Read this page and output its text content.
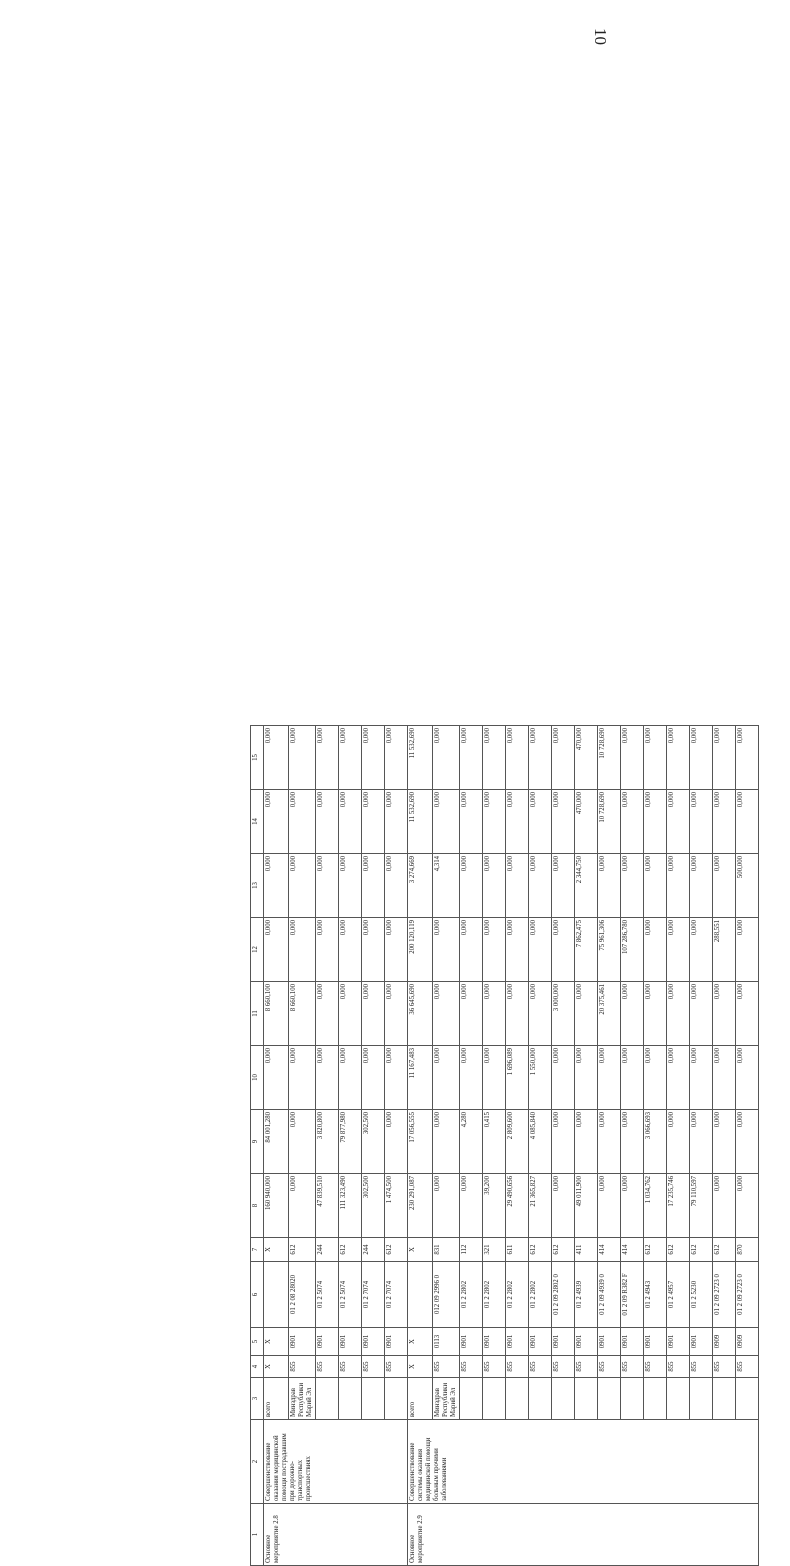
10
1	2	3	4	5	6	7	8	9	10	11	12	13	14	15
Основное мероприятие 2.8	Совершенствование оказания медицинской помощи пострадавшим при дорожно-транспортных происшествиях	всего	Х	Х		Х	160 940,000	84 001,280	0,000	8 660,100	0,000	0,000	0,000	0,000
		Минздрав Республики Марий Эл	855	0901	01 2 08 28020	612	0,000	0,000	0,000	8 660,100	0,000	0,000	0,000	0,000
			855	0901	01 2 5074	244	47 839,510	3 820,800	0,000	0,000	0,000	0,000	0,000	0,000
			855	0901	01 2 5074	612	111 323,490	79 877,980	0,000	0,000	0,000	0,000	0,000	0,000
			855	0901	01 2 7074	244	302,500	302,500	0,000	0,000	0,000	0,000	0,000	0,000
			855	0901	01 2 7074	612	1 474,500	0,000	0,000	0,000	0,000	0,000	0,000	0,000
Основное мероприятие 2.9	Совершенствование системы оказания медицинской помощи больным прочими заболеваниями	всего	Х	Х		Х	230 291,087	17 056,555	11 167,483	36 645,690	200 120,119	3 274,669	11 532,690	11 532,690
		Минздрав Республики Марий Эл	855	0113	012 09 2996 0	831	0,000	0,000	0,000	0,000	0,000	4,314	0,000	0,000
			855	0901	01 2 2802	112	0,000	4,280	0,000	0,000	0,000	0,000	0,000	0,000
			855	0901	01 2 2802	321	39,200	0,415	0,000	0,000	0,000	0,000	0,000	0,000
			855	0901	01 2 2802	611	29 490,656	2 809,600	1 696,089	0,000	0,000	0,000	0,000	0,000
			855	0901	01 2 2802	612	21 365,827	4 085,840	1 550,000	0,000	0,000	0,000	0,000	0,000
			855	0901	01 2 09 2802 0	612	0,000	0,000	0,000	3 000,000	0,000	0,000	0,000	0,000
			855	0901	01 2 4939	411	49 011,900	0,000	0,000	0,000	7 862,475	2 344,750	470,000	470,000
			855	0901	01 2 09 4939 0	414	0,000	0,000	0,000	20 375,461	75 961,306	0,000	10 728,690	10 728,690
			855	0901	01 2 09 R382 F	414	0,000	0,000	0,000	0,000	107 286,780	0,000	0,000	0,000
			855	0901	01 2 4943	612	1 034,762	3 066,693	0,000	0,000	0,000	0,000	0,000	0,000
			855	0901	01 2 4957	612	17 235,746	0,000	0,000	0,000	0,000	0,000	0,000	0,000
			855	0901	01 2 5230	612	79 110,597	0,000	0,000	0,000	0,000	0,000	0,000	0,000
			855	0909	01 2 09 2723 0	612	0,000	0,000	0,000	0,000	288,551	0,000	0,000	0,000
			855	0909	01 2 09 2723 0	870	0,000	0,000	0,000	0,000	0,000	500,000	0,000	0,000
